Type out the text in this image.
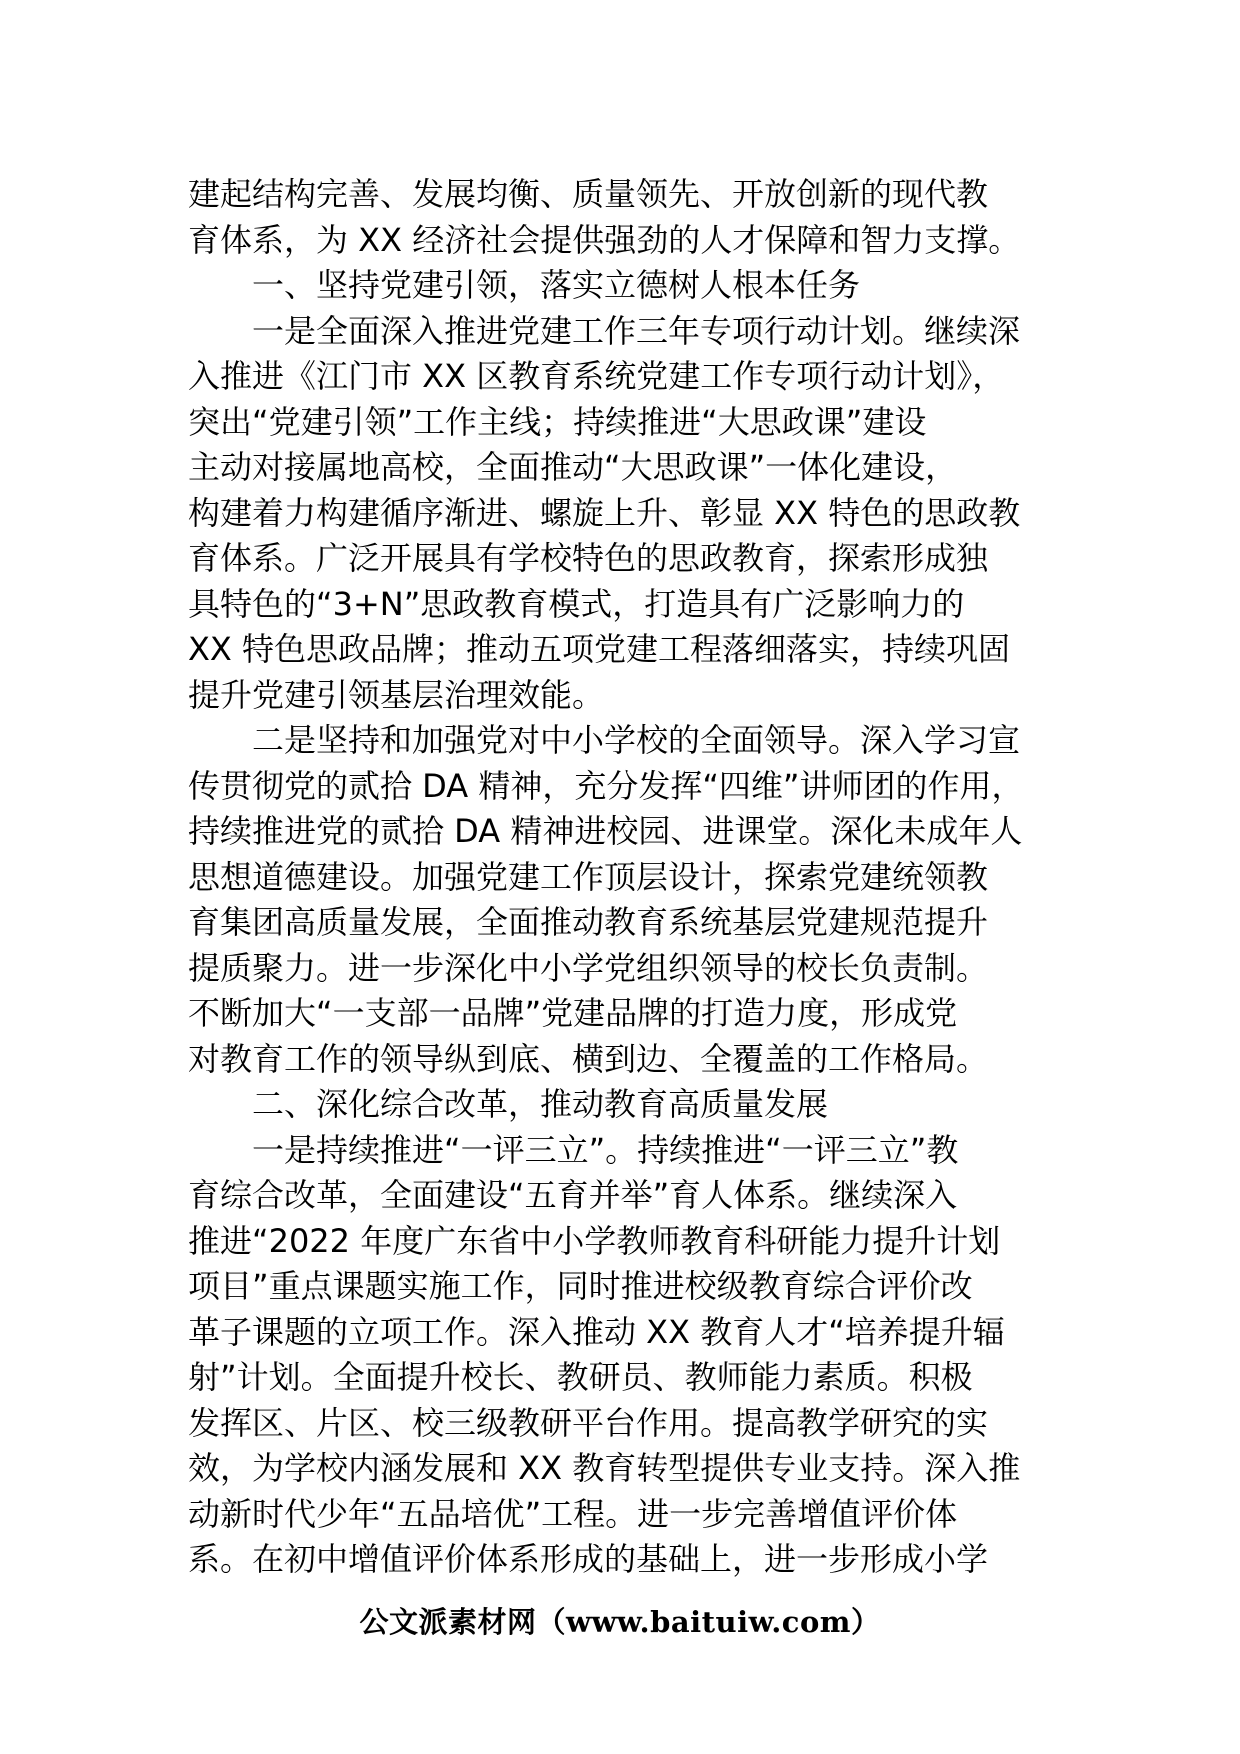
建起结构完善、发展均衡、质量领先、开放创新的现代教
育体系，为 XX 经济社会提供强劲的人才保障和智力支撑。
一、坚持党建引领，落实立德树人根本任务
一是全面深入推进党建工作三年专项行动计划。继续深
入推进《江门市 XX 区教育系统党建工作专项行动计划》，
突出“党建引领”工作主线；持续推进“大思政课”建设
主动对接属地高校，全面推动“大思政课”一体化建设，
构建着力构建循序渐进、螺旋上升、彰显 XX 特色的思政教
育体系。广泛开展具有学校特色的思政教育，探索形成独
具特色的“3+N”思政教育模式，打造具有广泛影响力的
XX 特色思政品牌；推动五项党建工程落细落实，持续巩固
提升党建引领基层治理效能。
二是坚持和加强党对中小学校的全面领导。深入学习宣
传贯彻党的贰拾 DA 精神，充分发挥“四维”讲师团的作用，
持续推进党的贰拾 DA 精神进校园、进课堂。深化未成年人
思想道德建设。加强党建工作顶层设计，探索党建统领教
育集团高质量发展，全面推动教育系统基层党建规范提升
提质聚力。进一步深化中小学党组织领导的校长负责制。
不断加大“一支部一品牌”党建品牌的打造力度，形成党
对教育工作的领导纵到底、横到边、全覆盖的工作格局。
二、深化综合改革，推动教育高质量发展
一是持续推进“一评三立”。持续推进“一评三立”教
育综合改革，全面建设“五育并举”育人体系。继续深入
推进“2022 年度广东省中小学教师教育科研能力提升计划
项目”重点课题实施工作，同时推进校级教育综合评价改
革子课题的立项工作。深入推动 XX 教育人才“培养提升辐
射”计划。全面提升校长、教研员、教师能力素质。积极
发挥区、片区、校三级教研平台作用。提高教学研究的实
效，为学校内涵发展和 XX 教育转型提供专业支持。深入推
动新时代少年“五品培优”工程。进一步完善增值评价体
系。在初中增值评价体系形成的基础上，进一步形成小学
公文派素材网（www.baituiw.com）
